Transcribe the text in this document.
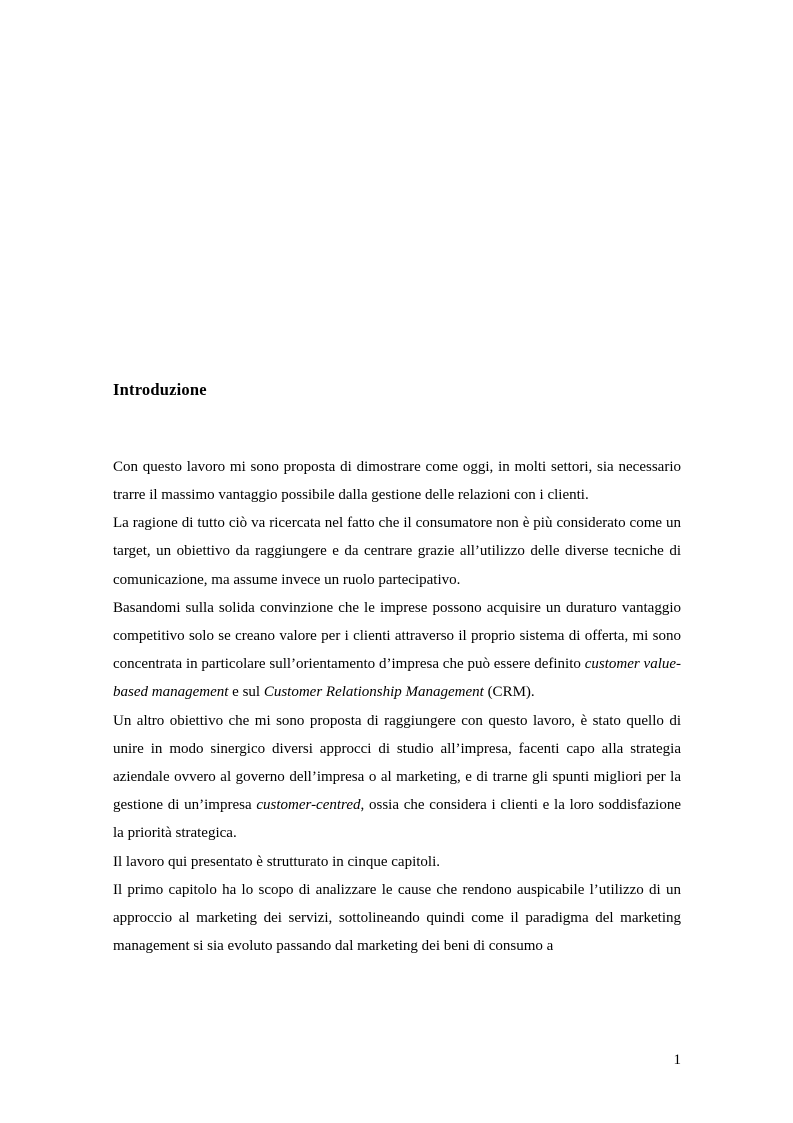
Introduzione

Con questo lavoro mi sono proposta di dimostrare come oggi, in molti settori, sia necessario trarre il massimo vantaggio possibile dalla gestione delle relazioni con i clienti.

La ragione di tutto ciò va ricercata nel fatto che il consumatore non è più considerato come un target, un obiettivo da raggiungere e da centrare grazie all’utilizzo delle diverse tecniche di comunicazione, ma assume invece un ruolo partecipativo.

Basandomi sulla solida convinzione che le imprese possono acquisire un duraturo vantaggio competitivo solo se creano valore per i clienti attraverso il proprio sistema di offerta, mi sono concentrata in particolare sull’orientamento d’impresa che può essere definito customer value-based management e sul Customer Relationship Management (CRM).

Un altro obiettivo che mi sono proposta di raggiungere con questo lavoro, è stato quello di unire in modo sinergico diversi approcci di studio all’impresa, facenti capo alla strategia aziendale ovvero al governo dell’impresa o al marketing, e di trarne gli spunti migliori per la gestione di un’impresa customer-centred, ossia che considera i clienti e la loro soddisfazione la priorità strategica.

Il lavoro qui presentato è strutturato in cinque capitoli.

Il primo capitolo ha lo scopo di analizzare le cause che rendono auspicabile l’utilizzo di un approccio al marketing dei servizi, sottolineando quindi come il paradigma del marketing management si sia evoluto passando dal marketing dei beni di consumo a

1
